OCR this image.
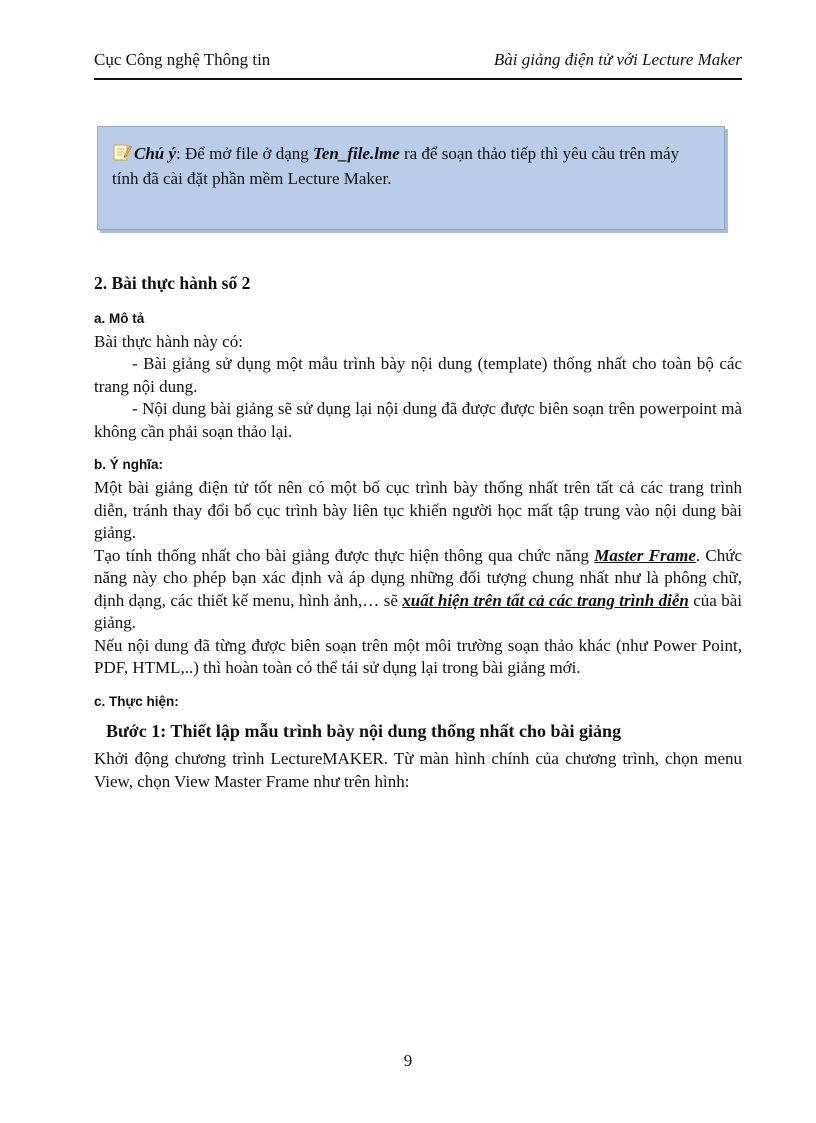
Cục Công nghệ Thông tin	Bài giảng điện tử với Lecture Maker
Chú ý: Để mở file ở dạng Ten_file.lme ra để soạn thảo tiếp thì yêu cầu trên máy tính đã cài đặt phần mềm Lecture Maker.
2. Bài thực hành số 2
a. Mô tả

Bài thực hành này có:

- Bài giảng sử dụng một mẫu trình bày nội dung (template) thống nhất cho toàn bộ các trang nội dung.

- Nội dung bài giảng sẽ sử dụng lại nội dung đã được được biên soạn trên powerpoint mà không cần phải soạn thảo lại.

b. Ý nghĩa:

Một bài giảng điện tử tốt nên có một bố cục trình bày thống nhất trên tất cả các trang trình diễn, tránh thay đổi bố cục trình bày liên tục khiến người học mất tập trung vào nội dung bài giảng.

Tạo tính thống nhất cho bài giảng được thực hiện thông qua chức năng Master Frame. Chức năng này cho phép bạn xác định và áp dụng những đối tượng chung nhất như là phông chữ, định dạng, các thiết kế menu, hình ảnh,… sẽ xuất hiện trên tất cả các trang trình diễn của bài giảng.

Nếu nội dung đã từng được biên soạn trên một môi trường soạn thảo khác (như Power Point, PDF, HTML,..) thì hoàn toàn có thể tái sử dụng lại trong bài giảng mới.

c. Thực hiện:
Bước 1: Thiết lập mẫu trình bày nội dung thống nhất cho bài giảng

Khởi động chương trình LectureMAKER. Từ màn hình chính của chương trình, chọn menu View, chọn View Master Frame như trên hình:

9
